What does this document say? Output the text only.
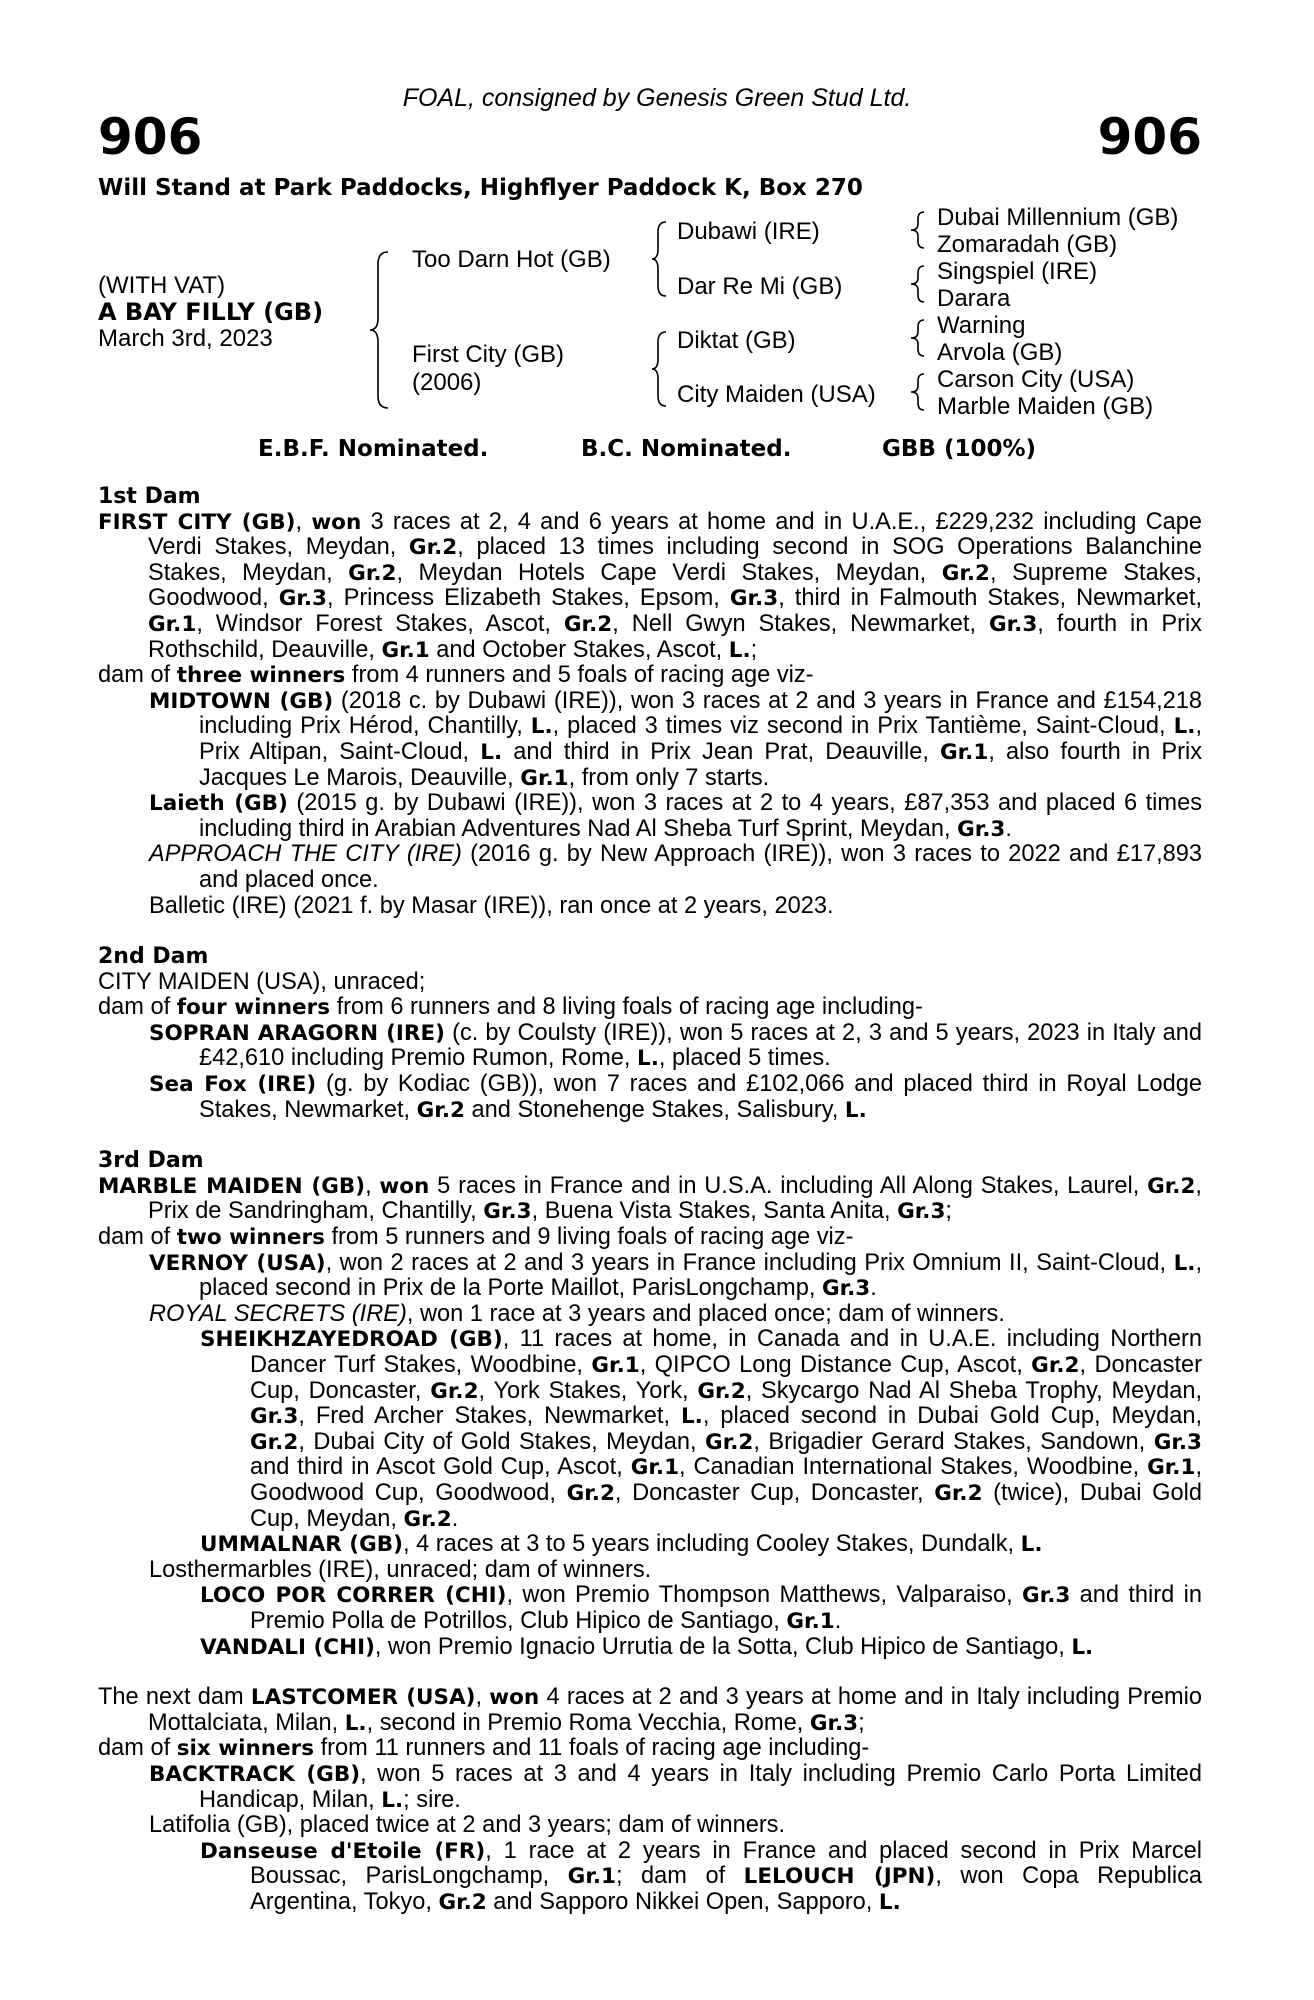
FOAL, consigned by Genesis Green Stud Ltd.
906	906
Will Stand at Park Paddocks, Highflyer Paddock K, Box 270
(WITH VAT)
A BAY FILLY (GB)
March 3rd, 2023
Too Darn Hot (GB)
First City (GB)
(2006)
Dubawi (IRE)
Dar Re Mi (GB)
Diktat (GB)
City Maiden (USA)
Dubai Millennium (GB)
Zomaradah (GB)
Singspiel (IRE)
Darara
Warning
Arvola (GB)
Carson City (USA)
Marble Maiden (GB)
E.B.F. Nominated.	B.C. Nominated.	GBB (100%)
1st Dam
FIRST CITY (GB), won 3 races at 2, 4 and 6 years at home and in U.A.E., £229,232 including Cape Verdi Stakes, Meydan, Gr.2, placed 13 times including second in SOG Operations Balanchine Stakes, Meydan, Gr.2, Meydan Hotels Cape Verdi Stakes, Meydan, Gr.2, Supreme Stakes, Goodwood, Gr.3, Princess Elizabeth Stakes, Epsom, Gr.3, third in Falmouth Stakes, Newmarket, Gr.1, Windsor Forest Stakes, Ascot, Gr.2, Nell Gwyn Stakes, Newmarket, Gr.3, fourth in Prix Rothschild, Deauville, Gr.1 and October Stakes, Ascot, L.;
dam of three winners from 4 runners and 5 foals of racing age viz-
MIDTOWN (GB) (2018 c. by Dubawi (IRE)), won 3 races at 2 and 3 years in France and £154,218 including Prix Hérod, Chantilly, L., placed 3 times viz second in Prix Tantième, Saint-Cloud, L., Prix Altipan, Saint-Cloud, L. and third in Prix Jean Prat, Deauville, Gr.1, also fourth in Prix Jacques Le Marois, Deauville, Gr.1, from only 7 starts.
Laieth (GB) (2015 g. by Dubawi (IRE)), won 3 races at 2 to 4 years, £87,353 and placed 6 times including third in Arabian Adventures Nad Al Sheba Turf Sprint, Meydan, Gr.3.
APPROACH THE CITY (IRE) (2016 g. by New Approach (IRE)), won 3 races to 2022 and £17,893 and placed once.
Balletic (IRE) (2021 f. by Masar (IRE)), ran once at 2 years, 2023.
2nd Dam
CITY MAIDEN (USA), unraced;
dam of four winners from 6 runners and 8 living foals of racing age including-
SOPRAN ARAGORN (IRE) (c. by Coulsty (IRE)), won 5 races at 2, 3 and 5 years, 2023 in Italy and £42,610 including Premio Rumon, Rome, L., placed 5 times.
Sea Fox (IRE) (g. by Kodiac (GB)), won 7 races and £102,066 and placed third in Royal Lodge Stakes, Newmarket, Gr.2 and Stonehenge Stakes, Salisbury, L.
3rd Dam
MARBLE MAIDEN (GB), won 5 races in France and in U.S.A. including All Along Stakes, Laurel, Gr.2, Prix de Sandringham, Chantilly, Gr.3, Buena Vista Stakes, Santa Anita, Gr.3;
dam of two winners from 5 runners and 9 living foals of racing age viz-
VERNOY (USA), won 2 races at 2 and 3 years in France including Prix Omnium II, Saint-Cloud, L., placed second in Prix de la Porte Maillot, ParisLongchamp, Gr.3.
ROYAL SECRETS (IRE), won 1 race at 3 years and placed once; dam of winners.
SHEIKHZAYEDROAD (GB), 11 races at home, in Canada and in U.A.E. including Northern Dancer Turf Stakes, Woodbine, Gr.1, QIPCO Long Distance Cup, Ascot, Gr.2, Doncaster Cup, Doncaster, Gr.2, York Stakes, York, Gr.2, Skycargo Nad Al Sheba Trophy, Meydan, Gr.3, Fred Archer Stakes, Newmarket, L., placed second in Dubai Gold Cup, Meydan, Gr.2, Dubai City of Gold Stakes, Meydan, Gr.2, Brigadier Gerard Stakes, Sandown, Gr.3 and third in Ascot Gold Cup, Ascot, Gr.1, Canadian International Stakes, Woodbine, Gr.1, Goodwood Cup, Goodwood, Gr.2, Doncaster Cup, Doncaster, Gr.2 (twice), Dubai Gold Cup, Meydan, Gr.2.
UMMALNAR (GB), 4 races at 3 to 5 years including Cooley Stakes, Dundalk, L.
Losthermarbles (IRE), unraced; dam of winners.
LOCO POR CORRER (CHI), won Premio Thompson Matthews, Valparaiso, Gr.3 and third in Premio Polla de Potrillos, Club Hipico de Santiago, Gr.1.
VANDALI (CHI), won Premio Ignacio Urrutia de la Sotta, Club Hipico de Santiago, L.
The next dam LASTCOMER (USA), won 4 races at 2 and 3 years at home and in Italy including Premio Mottalciata, Milan, L., second in Premio Roma Vecchia, Rome, Gr.3;
dam of six winners from 11 runners and 11 foals of racing age including-
BACKTRACK (GB), won 5 races at 3 and 4 years in Italy including Premio Carlo Porta Limited Handicap, Milan, L.; sire.
Latifolia (GB), placed twice at 2 and 3 years; dam of winners.
Danseuse d'Etoile (FR), 1 race at 2 years in France and placed second in Prix Marcel Boussac, ParisLongchamp, Gr.1; dam of LELOUCH (JPN), won Copa Republica Argentina, Tokyo, Gr.2 and Sapporo Nikkei Open, Sapporo, L.
